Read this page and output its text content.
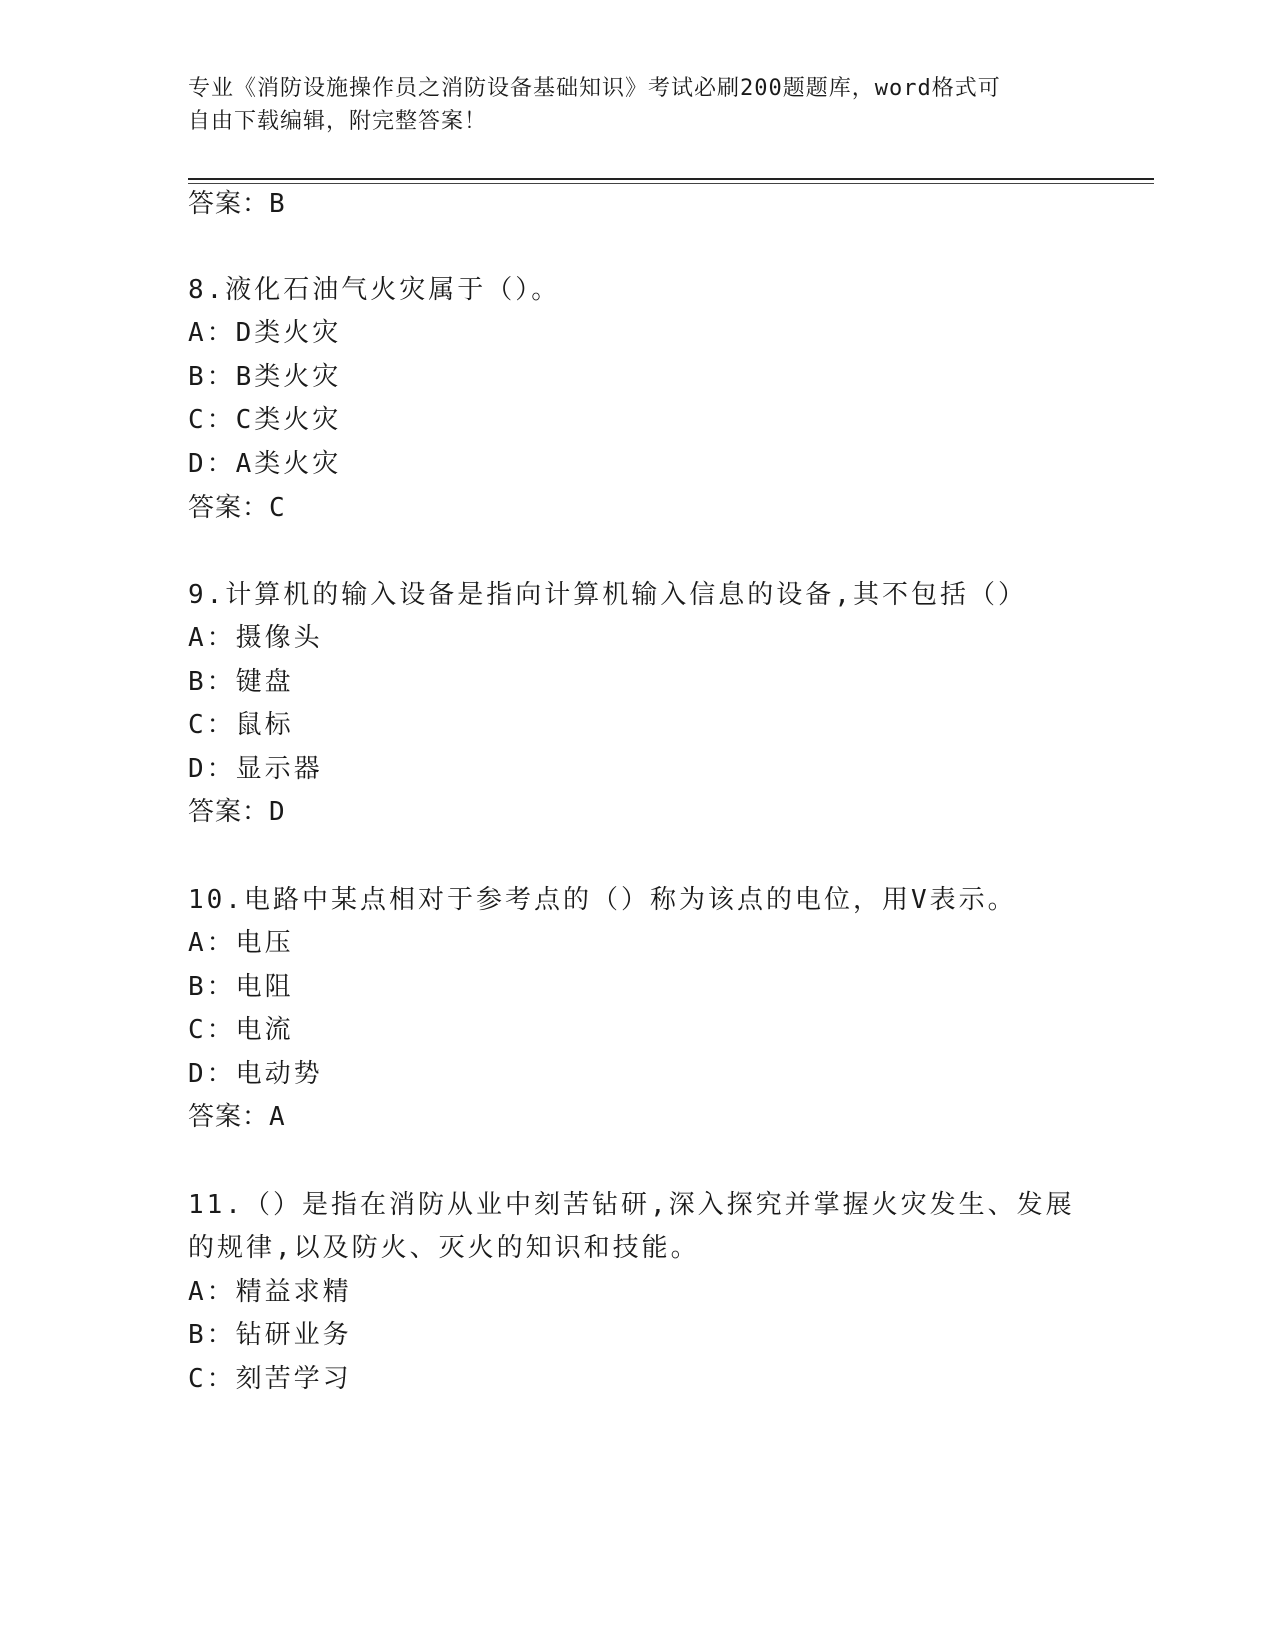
专业《消防设施操作员之消防设备基础知识》考试必刷200题题库，word格式可
自由下载编辑，附完整答案！
答案：B
8.液化石油气火灾属于（）。
A：D类火灾
B：B类火灾
C：C类火灾
D：A类火灾
答案：C
9.计算机的输入设备是指向计算机输入信息的设备,其不包括（）
A：摄像头
B：键盘
C：鼠标
D：显示器
答案：D
10.电路中某点相对于参考点的（）称为该点的电位，用V表示。
A：电压
B：电阻
C：电流
D：电动势
答案：A
11.（）是指在消防从业中刻苦钻研,深入探究并掌握火灾发生、发展
的规律,以及防火、灭火的知识和技能。
A：精益求精
B：钻研业务
C：刻苦学习
